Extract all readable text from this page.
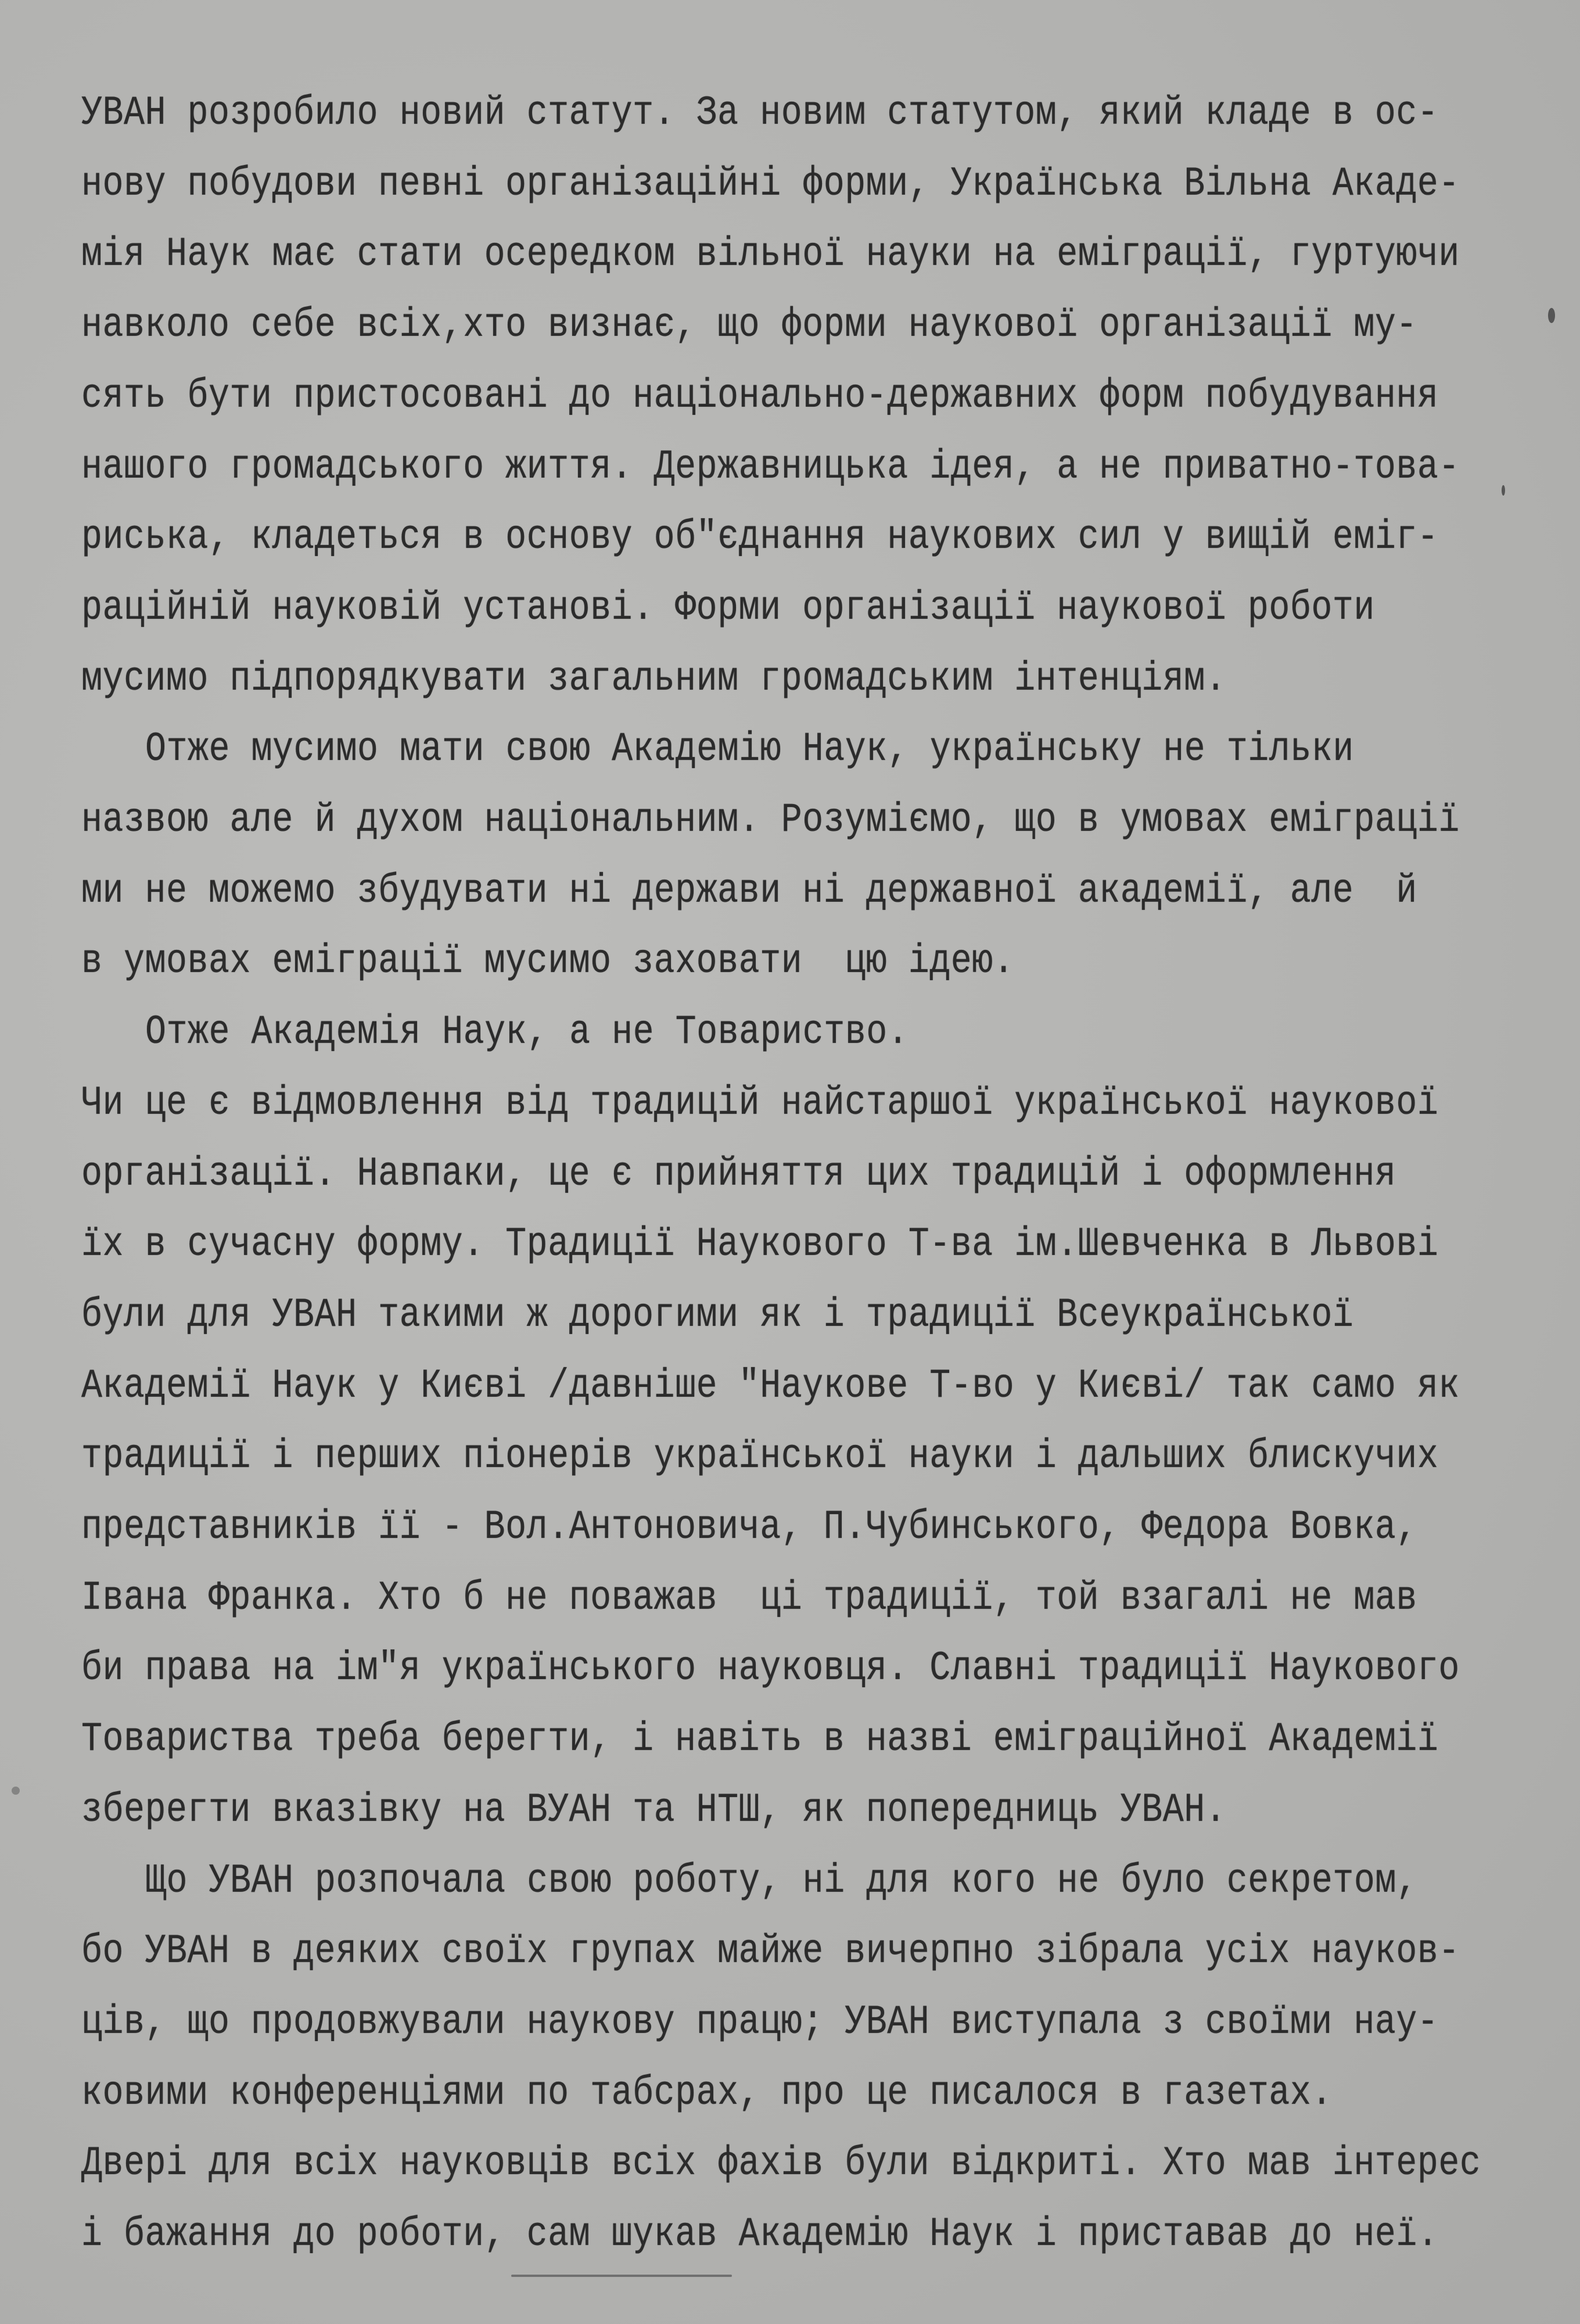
УВАН розробило новий статут. За новим статутом, який кладе в ос-
нову побудови певні організаційні форми, Українська Вільна Акаде-
мія Наук має стати осередком вільної науки на еміграції, гуртуючи
навколо себе всіх,хто визнає, що форми наукової організації му-
сять бути пристосовані до національно-державних форм побудування
нашого громадського життя. Державницька ідея, а не приватно-това-
риська, кладеться в основу об"єднання наукових сил у вищій еміг-
раційній науковій установі. Форми організації наукової роботи
мусимо підпорядкувати загальним громадським інтенціям.
Отже мусимо мати свою Академію Наук, українську не тільки
назвою але й духом національним. Розуміємо, що в умовах еміграції
ми не можемо збудувати ні держави ні державної академії, але  й
в умовах еміграції мусимо заховати  цю ідею.
Отже Академія Наук, а не Товариство.
Чи це є відмовлення від традицій найстаршої української наукової
організації. Навпаки, це є прийняття цих традицій і оформлення
їх в сучасну форму. Традиції Наукового Т-ва ім.Шевченка в Львові
були для УВАН такими ж дорогими як і традиції Всеукраїнської
Академії Наук у Києві /давніше "Наукове Т-во у Києві/ так само як
традиції і перших піонерів української науки і дальших блискучих
представників її - Вол.Антоновича, П.Чубинського, Федора Вовка,
Івана Франка. Хто б не поважав  ці традиції, той взагалі не мав
би права на ім"я українського науковця. Славні традиції Наукового
Товариства треба берегти, і навіть в назві еміграційної Академії
зберегти вказівку на ВУАН та НТШ, як попередниць УВАН.
Що УВАН розпочала свою роботу, ні для кого не було секретом,
бо УВАН в деяких своїх групах майже вичерпно зібрала усіх науков-
ців, що продовжували наукову працю; УВАН виступала з своїми нау-
ковими конференціями по табсрах, про це писалося в газетах.
Двері для всіх науковців всіх фахів були відкриті. Хто мав інтерес
і бажання до роботи, сам шукав Академію Наук і приставав до неї.
